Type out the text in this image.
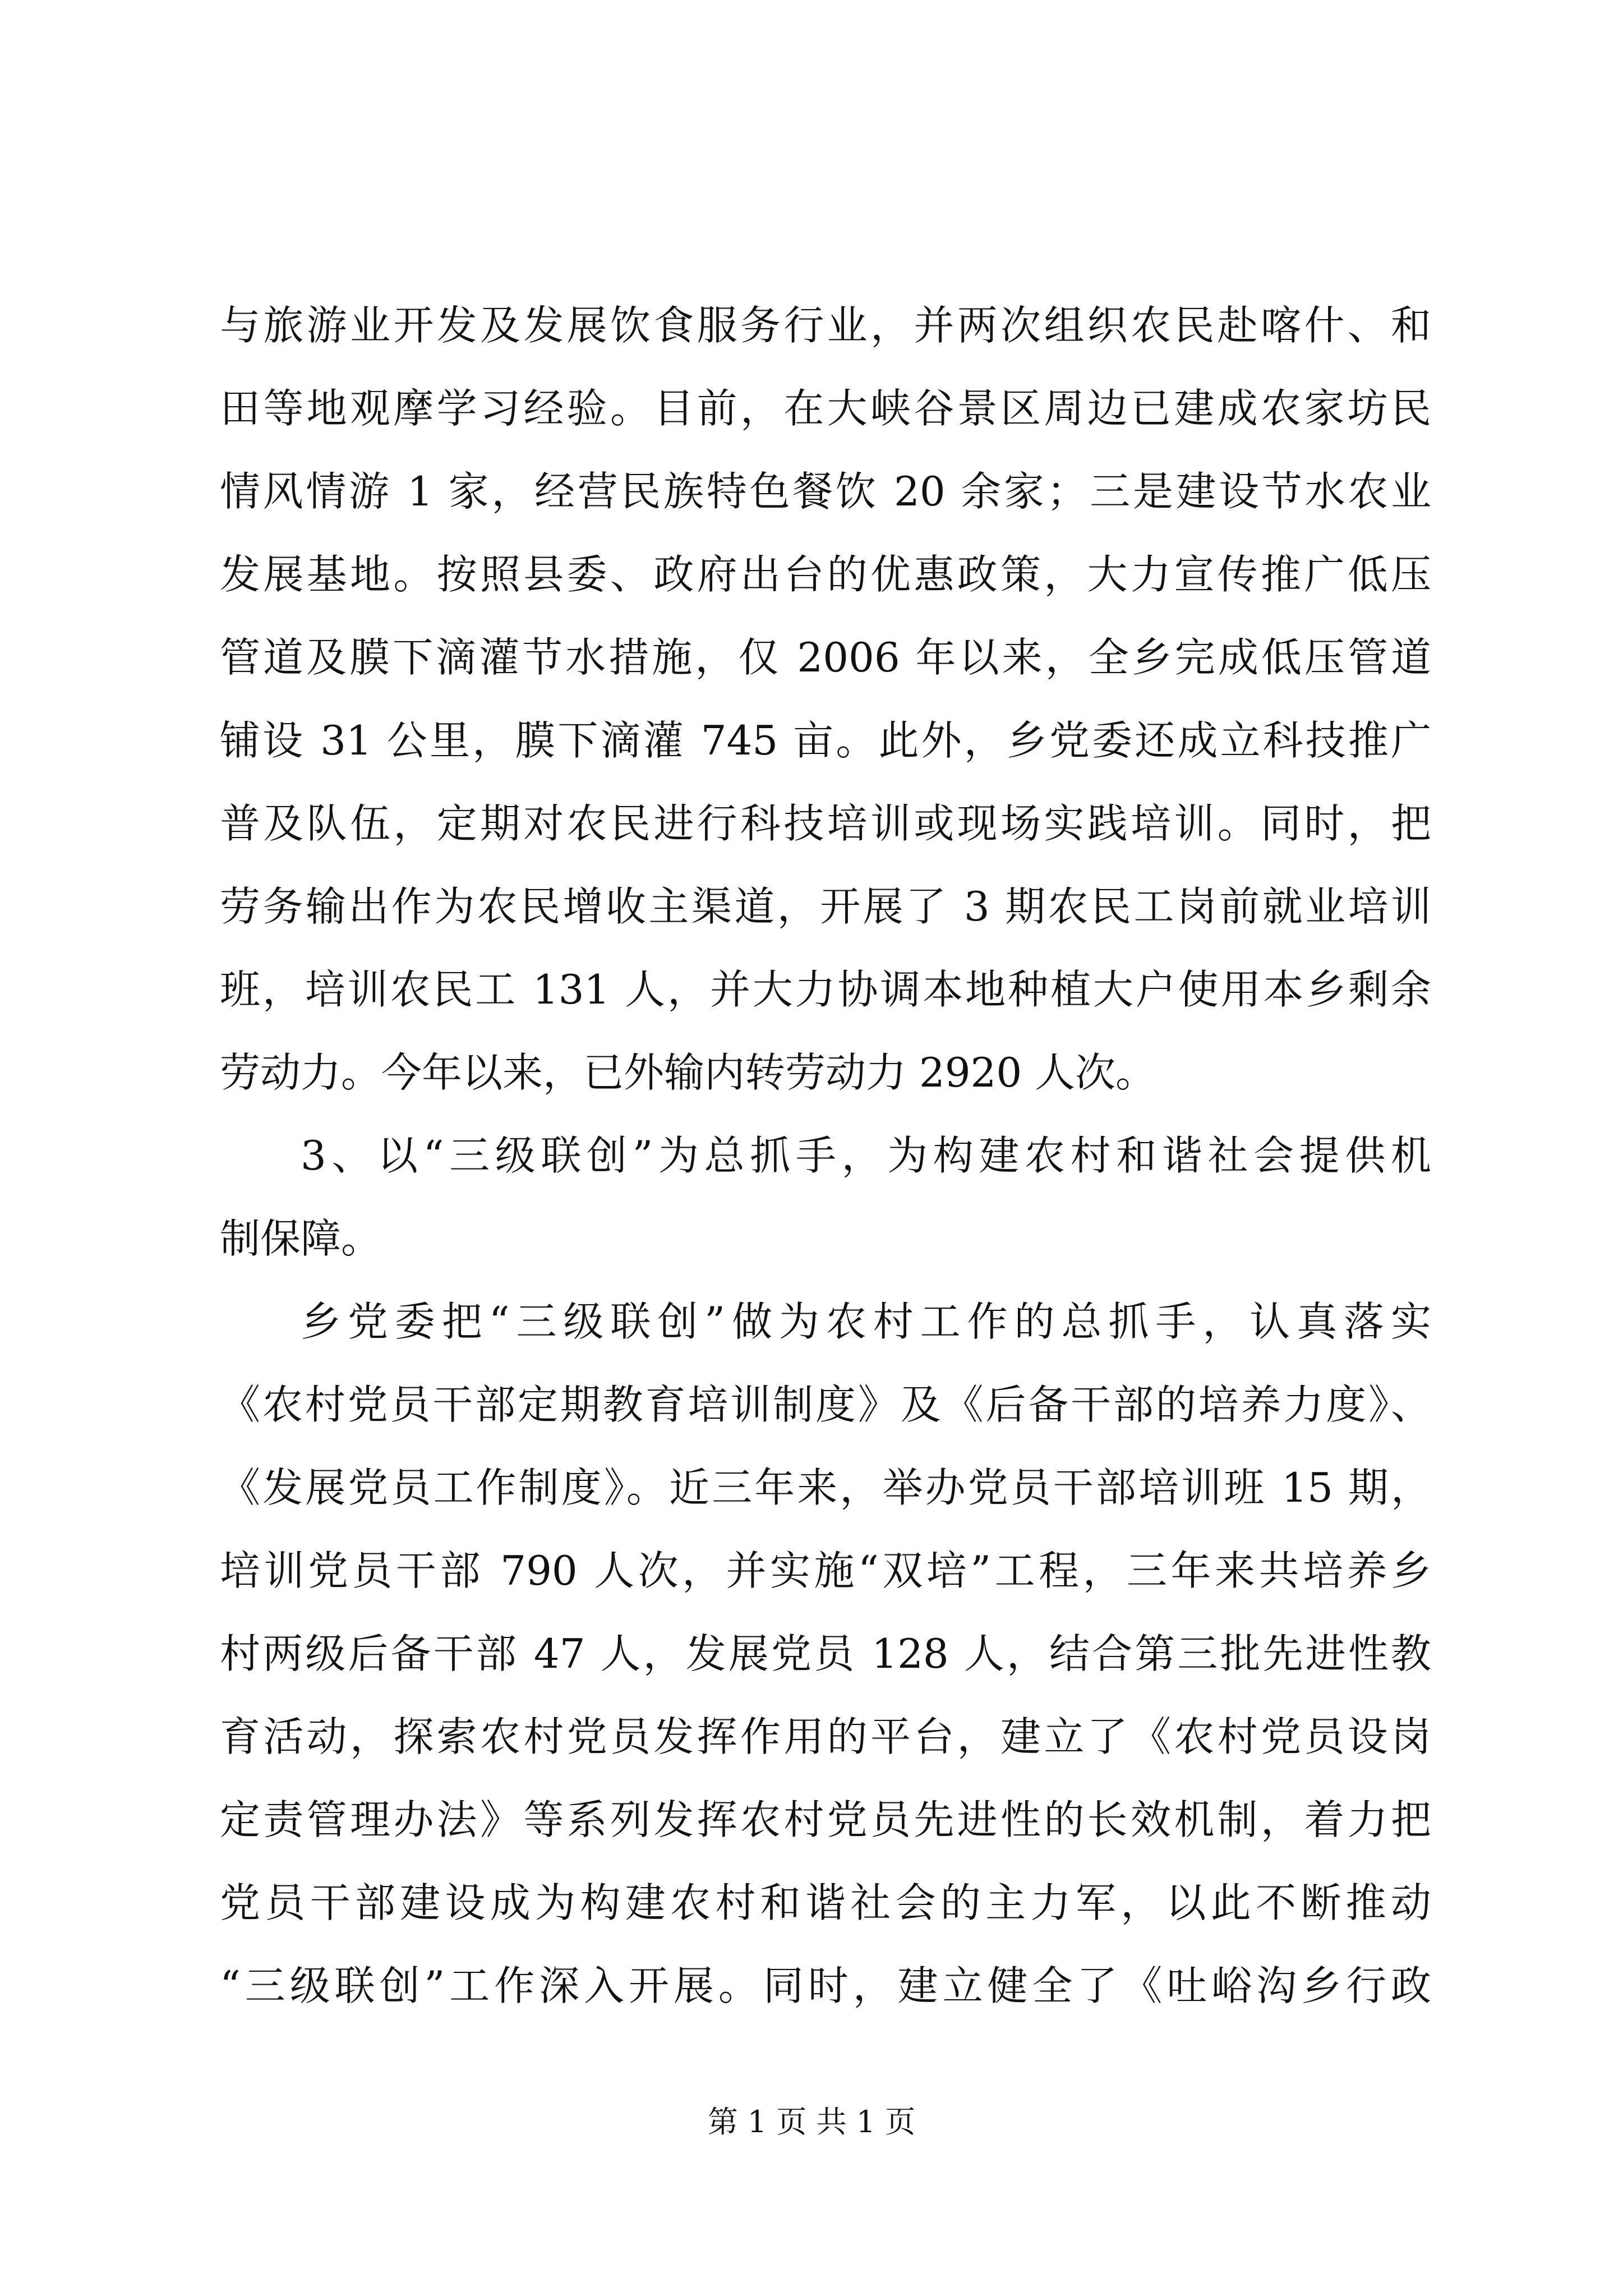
与旅游业开发及发展饮食服务行业，并两次组织农民赴喀什、和
田等地观摩学习经验。目前，在大峡谷景区周边已建成农家坊民
情风情游 1 家，经营民族特色餐饮 20 余家；三是建设节水农业
发展基地。按照县委、政府出台的优惠政策，大力宣传推广低压
管道及膜下滴灌节水措施，仅 2006 年以来，全乡完成低压管道
铺设 31 公里，膜下滴灌 745 亩。此外，乡党委还成立科技推广
普及队伍，定期对农民进行科技培训或现场实践培训。同时，把
劳务输出作为农民增收主渠道，开展了 3 期农民工岗前就业培训
班，培训农民工 131 人，并大力协调本地种植大户使用本乡剩余
劳动力。今年以来，已外输内转劳动力 2920 人次。
3、以“三级联创”为总抓手，为构建农村和谐社会提供机
制保障。
乡党委把“三级联创”做为农村工作的总抓手，认真落实
《农村党员干部定期教育培训制度》及《后备干部的培养力度》、
《发展党员工作制度》。近三年来，举办党员干部培训班 15 期，
培训党员干部 790 人次，并实施“双培”工程，三年来共培养乡
村两级后备干部 47 人，发展党员 128 人，结合第三批先进性教
育活动，探索农村党员发挥作用的平台，建立了《农村党员设岗
定责管理办法》等系列发挥农村党员先进性的长效机制，着力把
党员干部建设成为构建农村和谐社会的主力军，以此不断推动
“三级联创”工作深入开展。同时，建立健全了《吐峪沟乡行政
第 1 页 共 1 页
